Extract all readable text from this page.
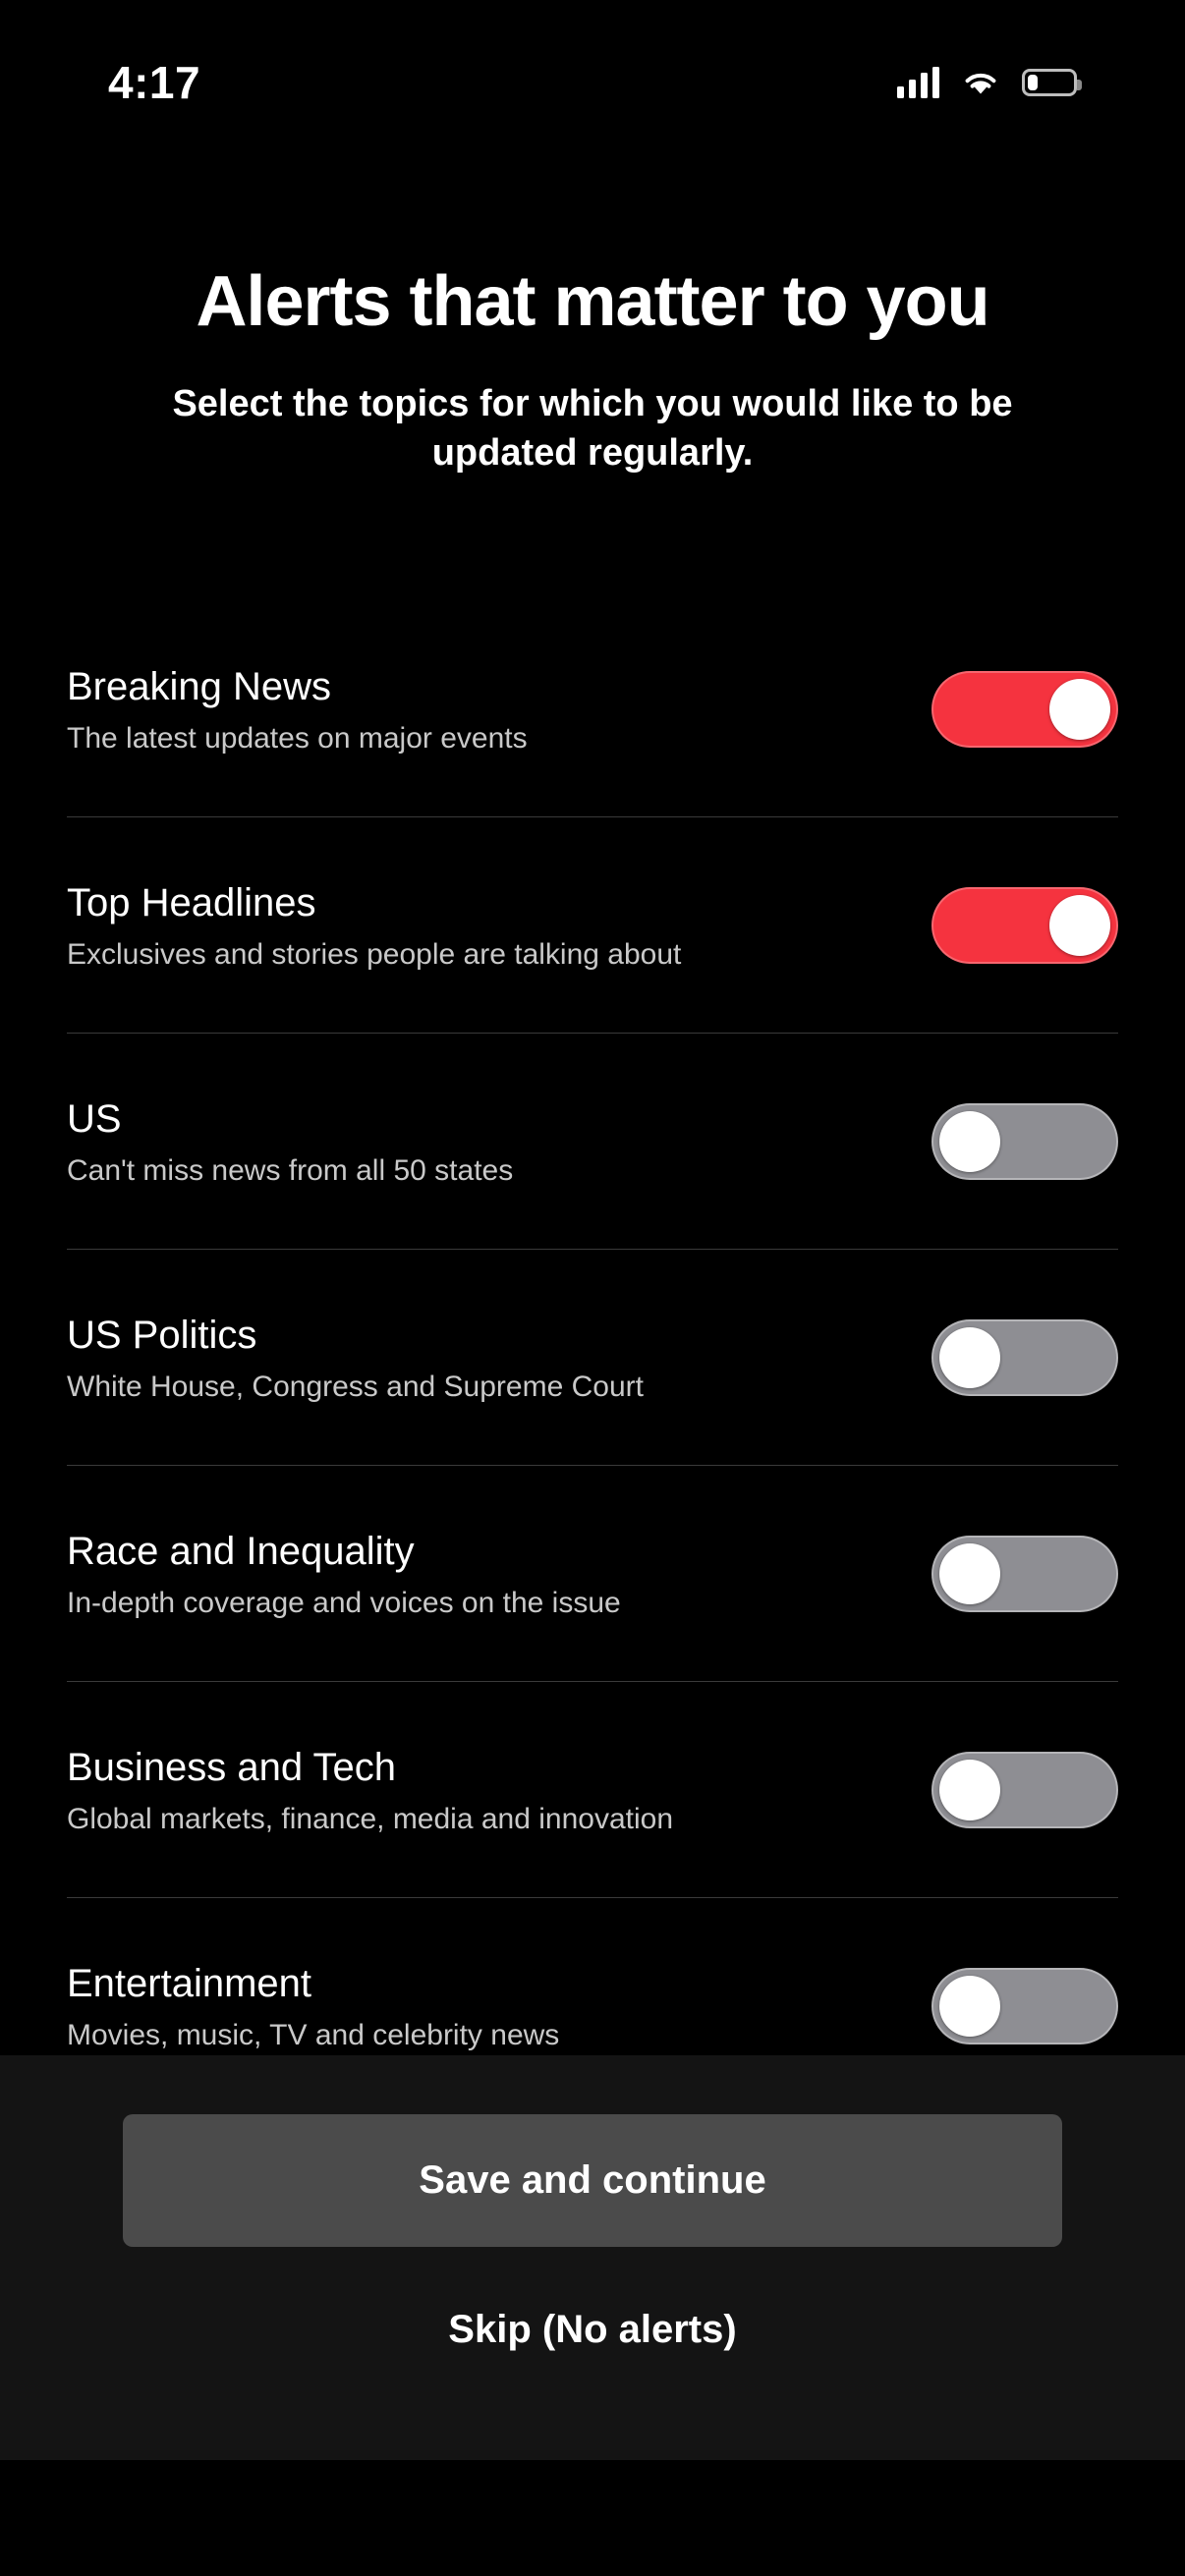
4:17
Alerts that matter to you

Select the topics for which you would like to be updated regularly.

Breaking News
The latest updates on major events
Top Headlines
Exclusives and stories people are talking about
US
Can't miss news from all 50 states
US Politics
White House, Congress and Supreme Court
Race and Inequality
In-depth coverage and voices on the issue
Business and Tech
Global markets, finance, media and innovation
Entertainment
Movies, music, TV and celebrity news
Save and continue
Skip (No alerts)
